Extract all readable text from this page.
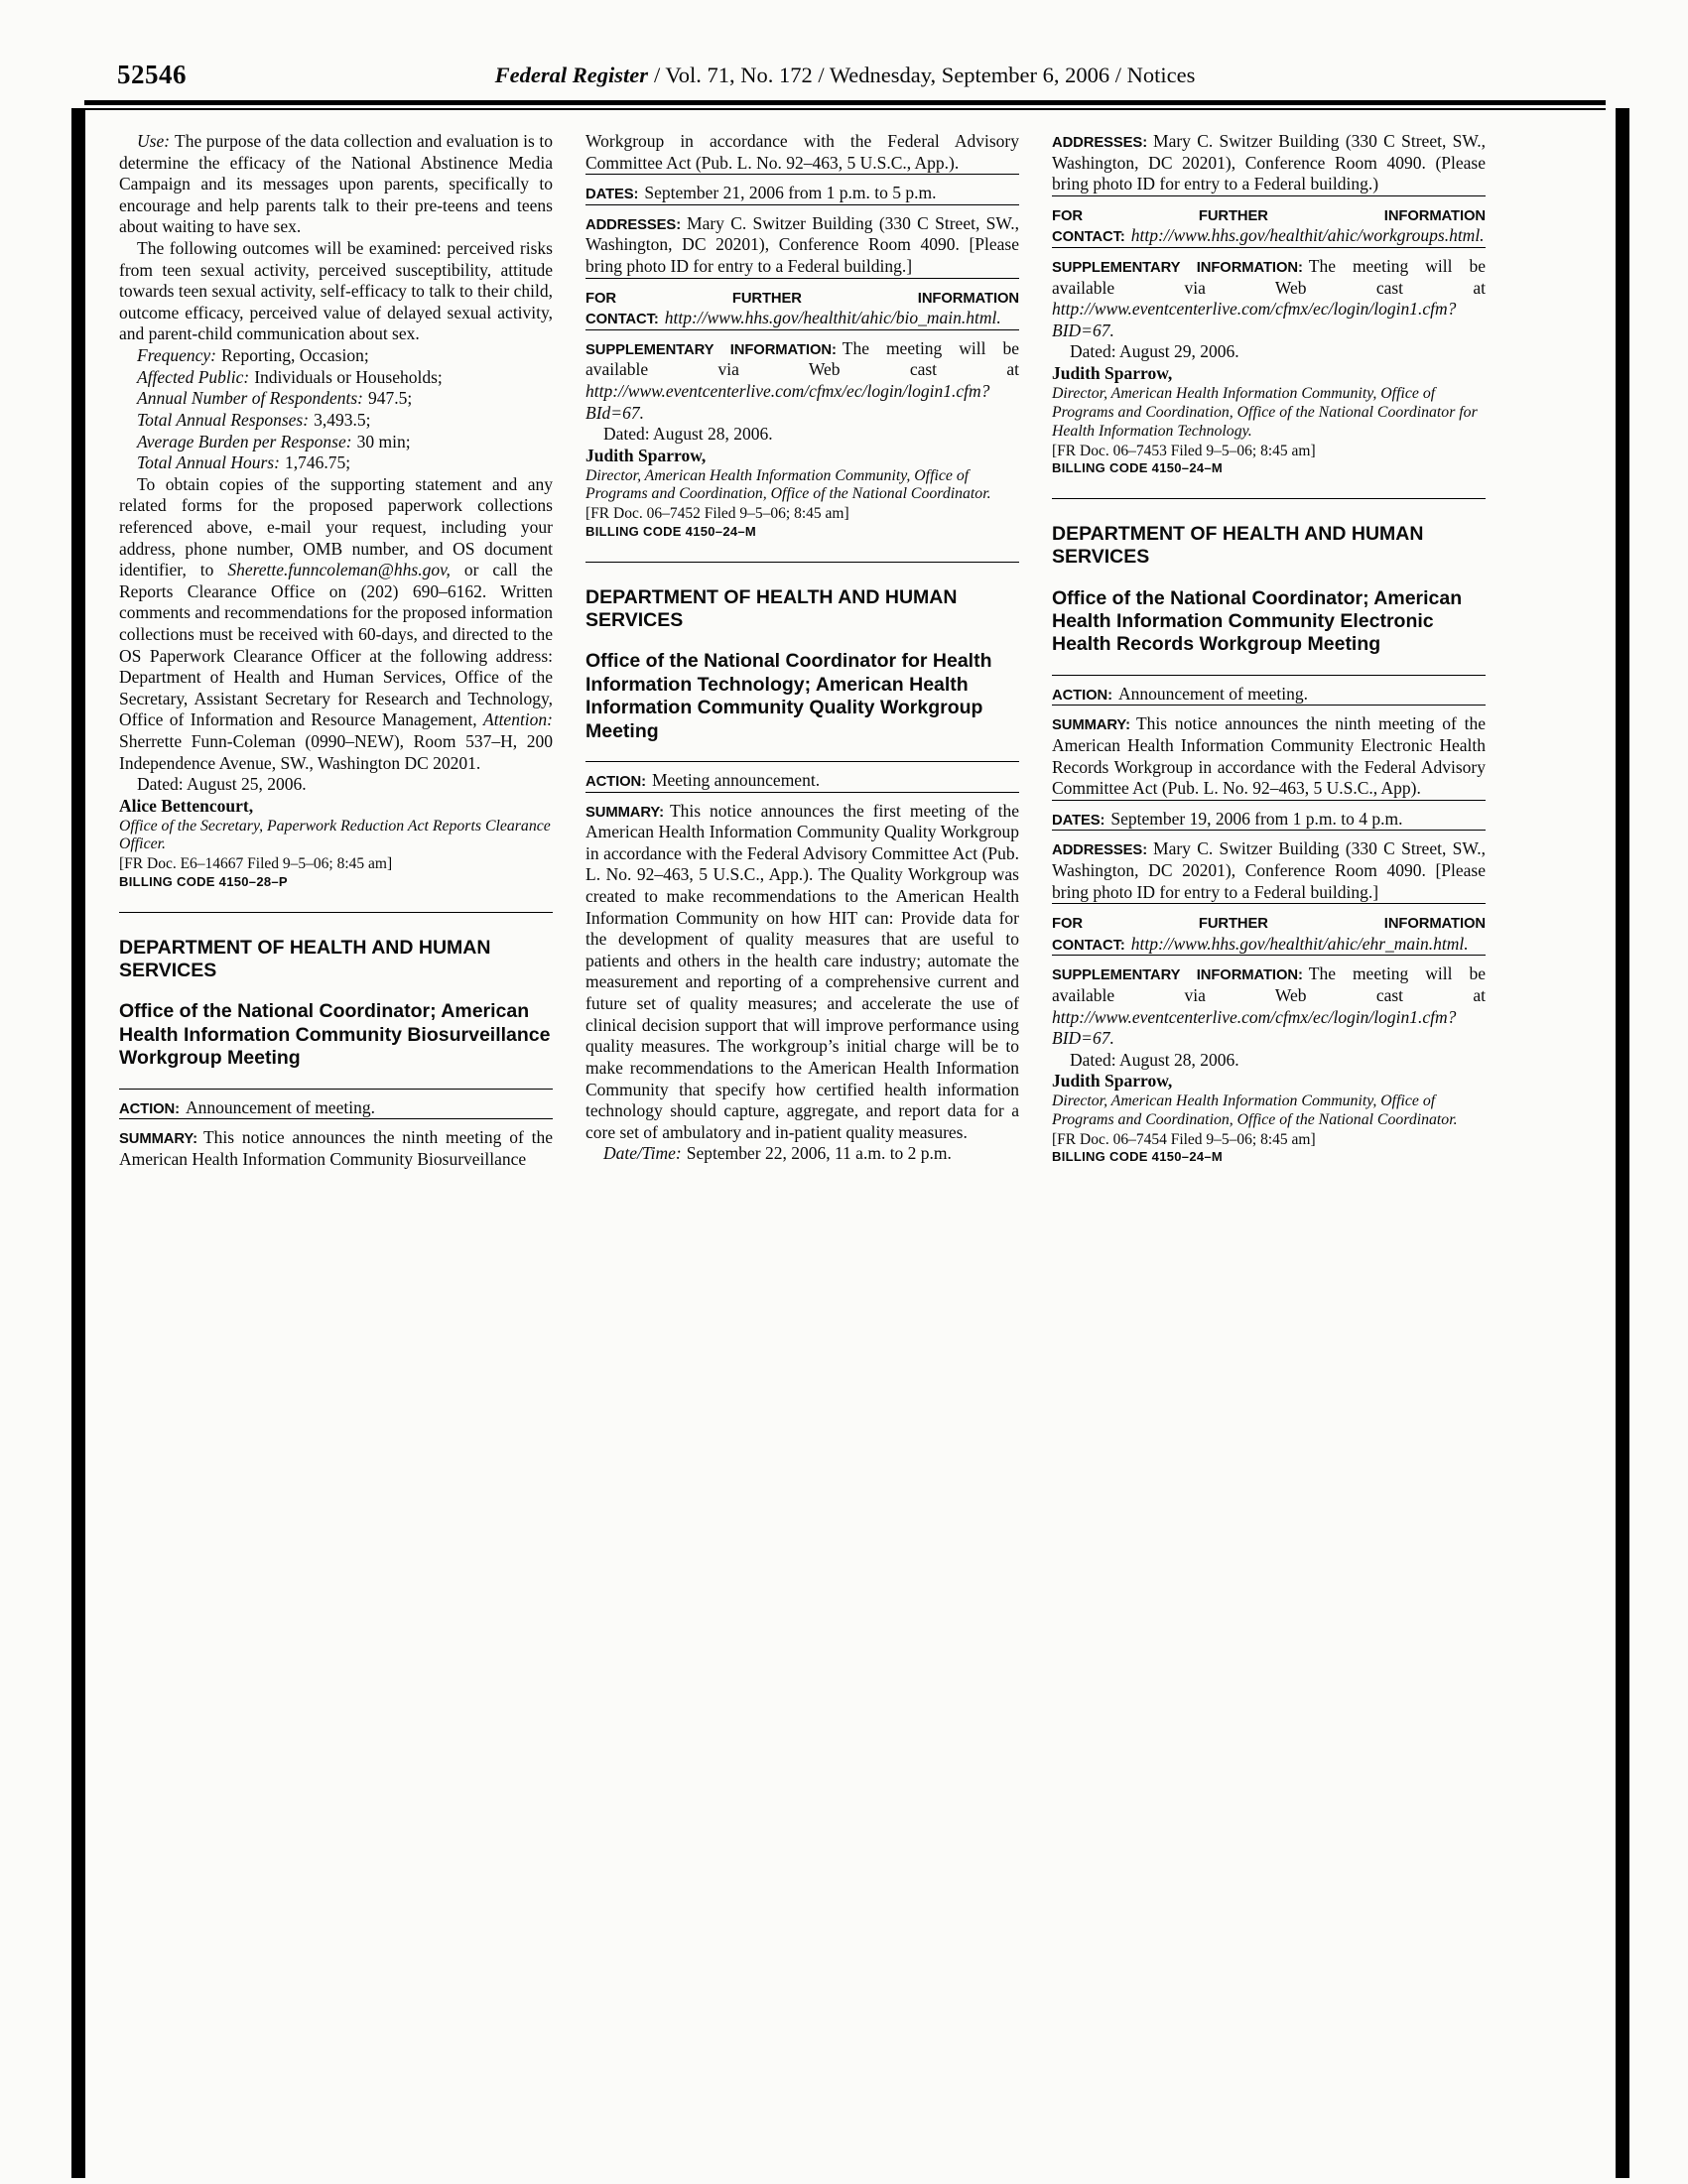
52546	Federal Register / Vol. 71, No. 172 / Wednesday, September 6, 2006 / Notices

Use: The purpose of the data collection and evaluation is to determine the efficacy of the National Abstinence Media Campaign and its messages upon parents, specifically to encourage and help parents talk to their pre-teens and teens about waiting to have sex.

The following outcomes will be examined: perceived risks from teen sexual activity, perceived susceptibility, attitude towards teen sexual activity, self-efficacy to talk to their child, outcome efficacy, perceived value of delayed sexual activity, and parent-child communication about sex.

Frequency: Reporting, Occasion;

Affected Public: Individuals or Households;

Annual Number of Respondents: 947.5;

Total Annual Responses: 3,493.5;

Average Burden per Response: 30 min;

Total Annual Hours: 1,746.75;

To obtain copies of the supporting statement and any related forms for the proposed paperwork collections referenced above, e-mail your request, including your address, phone number, OMB number, and OS document identifier, to Sherette.funncoleman@hhs.gov, or call the Reports Clearance Office on (202) 690–6162. Written comments and recommendations for the proposed information collections must be received with 60-days, and directed to the OS Paperwork Clearance Officer at the following address: Department of Health and Human Services, Office of the Secretary, Assistant Secretary for Research and Technology, Office of Information and Resource Management, Attention: Sherrette Funn-Coleman (0990–NEW), Room 537–H, 200 Independence Avenue, SW., Washington DC 20201.

Dated: August 25, 2006.

Alice Bettencourt,

Office of the Secretary, Paperwork Reduction Act Reports Clearance Officer.

[FR Doc. E6–14667 Filed 9–5–06; 8:45 am]

BILLING CODE 4150–28–P

DEPARTMENT OF HEALTH AND HUMAN SERVICES
Office of the National Coordinator; American Health Information Community Biosurveillance Workgroup Meeting

ACTION: Announcement of meeting.

SUMMARY: This notice announces the ninth meeting of the American Health Information Community Biosurveillance

Workgroup in accordance with the Federal Advisory Committee Act (Pub. L. No. 92–463, 5 U.S.C., App.).

DATES: September 21, 2006 from 1 p.m. to 5 p.m.

ADDRESSES: Mary C. Switzer Building (330 C Street, SW., Washington, DC 20201), Conference Room 4090. [Please bring photo ID for entry to a Federal building.]

FOR FURTHER INFORMATION CONTACT: http://www.hhs.gov/healthit/ahic/bio_main.html.

SUPPLEMENTARY INFORMATION: The meeting will be available via Web cast at http://www.eventcenterlive.com/cfmx/ec/login/login1.cfm?BId=67.

Dated: August 28, 2006.

Judith Sparrow,

Director, American Health Information Community, Office of Programs and Coordination, Office of the National Coordinator.

[FR Doc. 06–7452 Filed 9–5–06; 8:45 am]

BILLING CODE 4150–24–M

DEPARTMENT OF HEALTH AND HUMAN SERVICES
Office of the National Coordinator for Health Information Technology; American Health Information Community Quality Workgroup Meeting

ACTION: Meeting announcement.

SUMMARY: This notice announces the first meeting of the American Health Information Community Quality Workgroup in accordance with the Federal Advisory Committee Act (Pub. L. No. 92–463, 5 U.S.C., App.). The Quality Workgroup was created to make recommendations to the American Health Information Community on how HIT can: Provide data for the development of quality measures that are useful to patients and others in the health care industry; automate the measurement and reporting of a comprehensive current and future set of quality measures; and accelerate the use of clinical decision support that will improve performance using quality measures. The workgroup’s initial charge will be to make recommendations to the American Health Information Community that specify how certified health information technology should capture, aggregate, and report data for a core set of ambulatory and in-patient quality measures.

Date/Time: September 22, 2006, 11 a.m. to 2 p.m.

ADDRESSES: Mary C. Switzer Building (330 C Street, SW., Washington, DC 20201), Conference Room 4090. (Please bring photo ID for entry to a Federal building.)

FOR FURTHER INFORMATION CONTACT: http://www.hhs.gov/healthit/ahic/workgroups.html.

SUPPLEMENTARY INFORMATION: The meeting will be available via Web cast at http://www.eventcenterlive.com/cfmx/ec/login/login1.cfm?BID=67.

Dated: August 29, 2006.

Judith Sparrow,

Director, American Health Information Community, Office of Programs and Coordination, Office of the National Coordinator for Health Information Technology.

[FR Doc. 06–7453 Filed 9–5–06; 8:45 am]

BILLING CODE 4150–24–M

DEPARTMENT OF HEALTH AND HUMAN SERVICES
Office of the National Coordinator; American Health Information Community Electronic Health Records Workgroup Meeting

ACTION: Announcement of meeting.

SUMMARY: This notice announces the ninth meeting of the American Health Information Community Electronic Health Records Workgroup in accordance with the Federal Advisory Committee Act (Pub. L. No. 92–463, 5 U.S.C., App).

DATES: September 19, 2006 from 1 p.m. to 4 p.m.

ADDRESSES: Mary C. Switzer Building (330 C Street, SW., Washington, DC 20201), Conference Room 4090. [Please bring photo ID for entry to a Federal building.]

FOR FURTHER INFORMATION CONTACT: http://www.hhs.gov/healthit/ahic/ehr_main.html.

SUPPLEMENTARY INFORMATION: The meeting will be available via Web cast at http://www.eventcenterlive.com/cfmx/ec/login/login1.cfm?BID=67.

Dated: August 28, 2006.

Judith Sparrow,

Director, American Health Information Community, Office of Programs and Coordination, Office of the National Coordinator.

[FR Doc. 06–7454 Filed 9–5–06; 8:45 am]

BILLING CODE 4150–24–M
